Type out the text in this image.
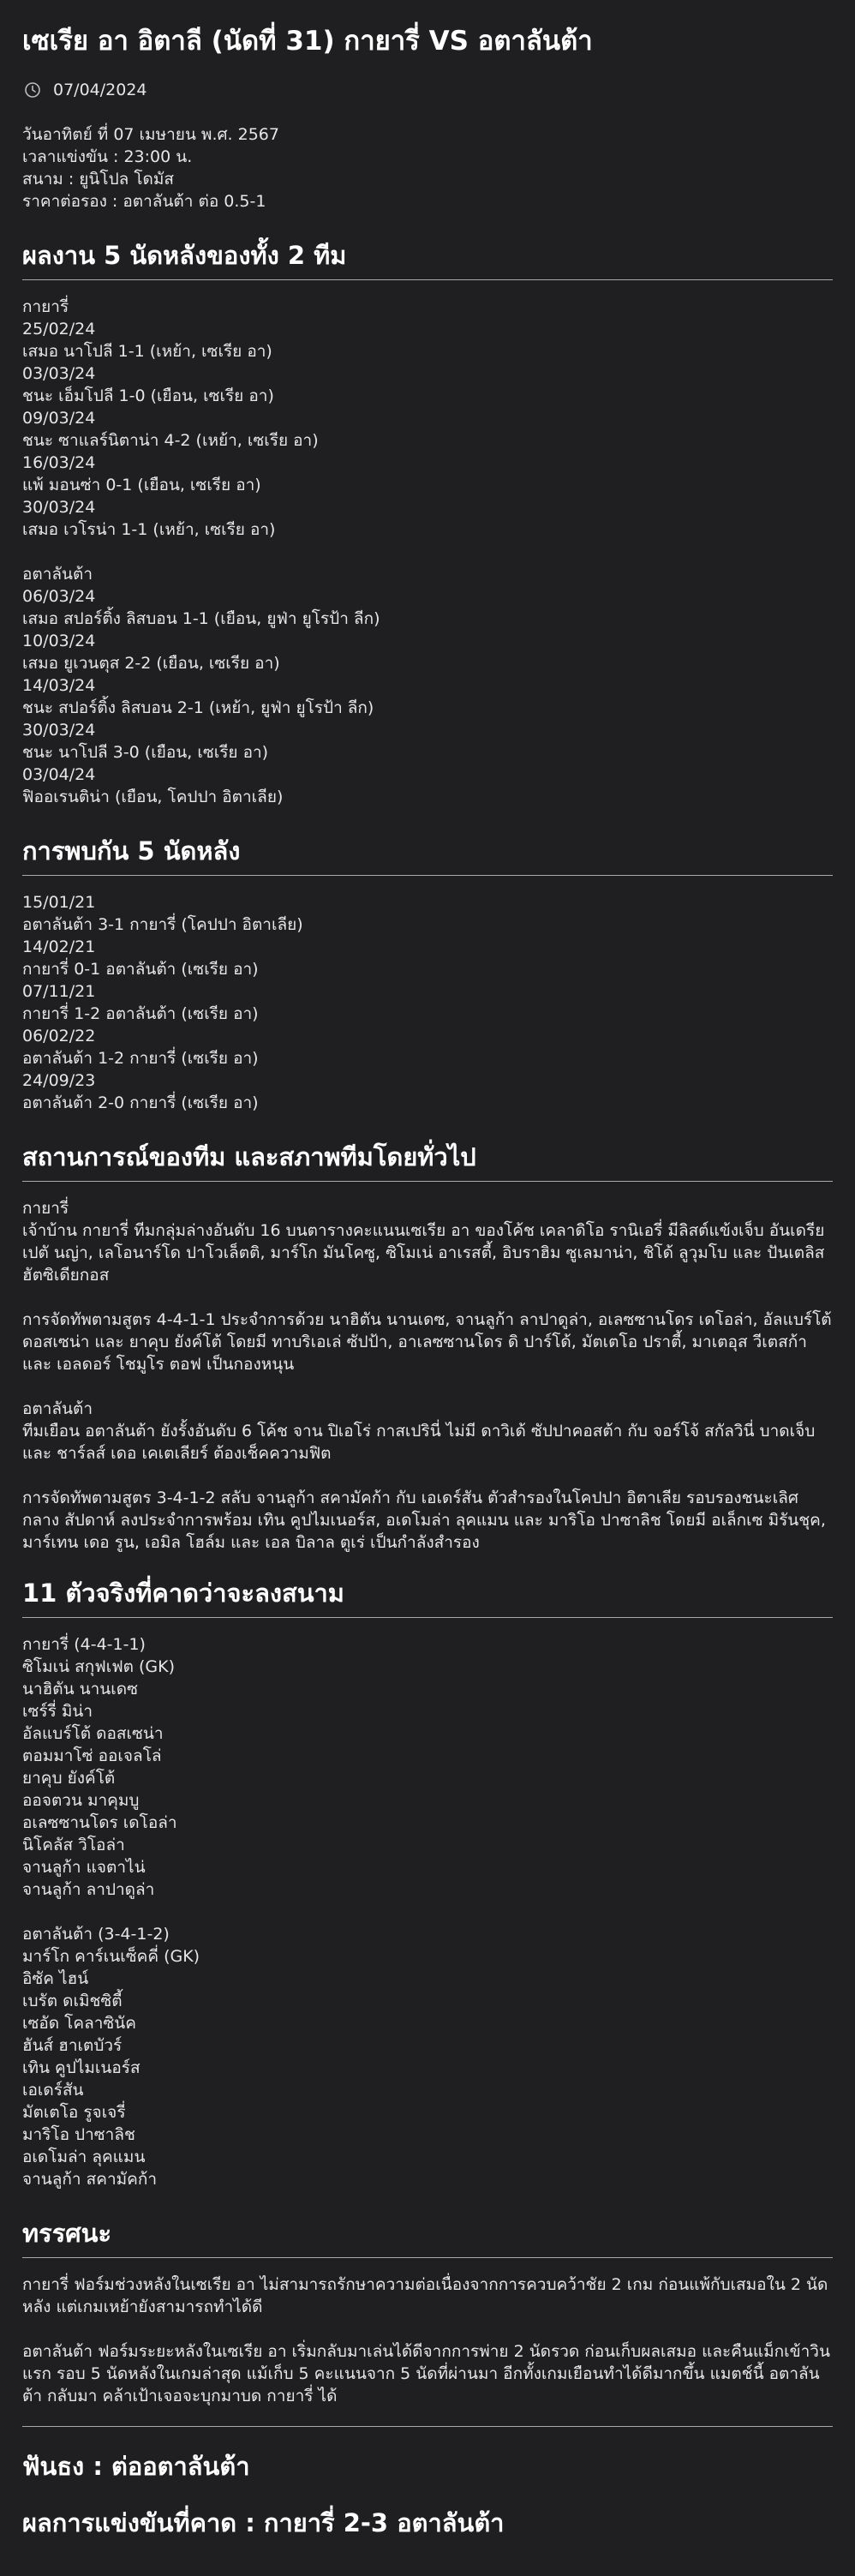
เซเรีย อา อิตาลี (นัดที่ 31) กายารี่ VS อตาลันต้า
07/04/2024
วันอาทิตย์ ที่ 07 เมษายน พ.ศ. 2567
เวลาแข่งขัน : 23:00 น.
สนาม : ยูนิโปล โดมัส
ราคาต่อรอง : อตาลันต้า ต่อ 0.5-1
ผลงาน 5 นัดหลังของทั้ง 2 ทีม
กายารี่
25/02/24
เสมอ นาโปลี 1-1 (เหย้า, เซเรีย อา)
03/03/24
ชนะ เอ็มโปลี 1-0 (เยือน, เซเรีย อา)
09/03/24
ชนะ ซาแลร์นิตาน่า 4-2 (เหย้า, เซเรีย อา)
16/03/24
แพ้ มอนซ่า 0-1 (เยือน, เซเรีย อา)
30/03/24
เสมอ เวโรน่า 1-1 (เหย้า, เซเรีย อา)
อตาลันต้า
06/03/24
เสมอ สปอร์ติ้ง ลิสบอน 1-1 (เยือน, ยูฟ่า ยูโรป้า ลีก)
10/03/24
เสมอ ยูเวนตุส 2-2 (เยือน, เซเรีย อา)
14/03/24
ชนะ สปอร์ติ้ง ลิสบอน 2-1 (เหย้า, ยูฟ่า ยูโรป้า ลีก)
30/03/24
ชนะ นาโปลี 3-0 (เยือน, เซเรีย อา)
03/04/24
ฟิออเรนติน่า (เยือน, โคปปา อิตาเลีย)
การพบกัน 5 นัดหลัง
15/01/21
อตาลันต้า 3-1 กายารี่ (โคปปา อิตาเลีย)
14/02/21
กายารี่ 0-1 อตาลันต้า (เซเรีย อา)
07/11/21
กายารี่ 1-2 อตาลันต้า (เซเรีย อา)
06/02/22
อตาลันต้า 1-2 กายารี่ (เซเรีย อา)
24/09/23
อตาลันต้า 2-0 กายารี่ (เซเรีย อา)
สถานการณ์ของทีม และสภาพทีมโดยทั่วไป
กายารี่

เจ้าบ้าน กายารี่ ทีมกลุ่มล่างอันดับ 16 บนตารางคะแนนเซเรีย อา ของโค้ช เคลาดิโอ รานิเอรี่ มีลิสต์แข้งเจ็บ อันเดรีย เปตั นญ่า, เลโอนาร์โด ปาโวเล็ตติ, มาร์โก มันโคซู, ซิโมเน่ อาเรสตี้, อิบราฮิม ซูเลมาน่า, ชิโด้ ลูวุมโบ และ ปันเตลิส ฮัตซิเดียกอส

การจัดทัพตามสูตร 4-4-1-1 ประจำการด้วย นาฮิตัน นานเดซ, จานลูก้า ลาปาดูล่า, อเลซซานโดร เดโอล่า, อัลแบร์โต้ ดอสเซน่า และ ยาคุบ ยังค์โต้ โดยมี ทาบริเอเล่ ซัปป้า, อาเลซซานโดร ดิ ปาร์โด้, มัตเตโอ ปราตี้, มาเตอุส วีเตสก้า และ เอลดอร์ โชมูโร ตอฟ เป็นกองหนุน

อตาลันต้า

ทีมเยือน อตาลันต้า ยังรั้งอันดับ 6 โค้ช จาน ปิเอโร่ กาสเปรินี่ ไม่มี ดาวิเด้ ซัปปาคอสต้า กับ จอร์โจ้ สกัลวินี่ บาดเจ็บ และ ชาร์ลส์ เดอ เคเตเลียร์ ต้องเช็คความฟิต

การจัดทัพตามสูตร 3-4-1-2 สลับ จานลูก้า สคามัคก้า กับ เอเดร์สัน ตัวสำรองในโคปปา อิตาเลีย รอบรองชนะเลิศกลาง สัปดาห์ ลงประจำการพร้อม เทิน คูปไมเนอร์ส, อเดโมล่า ลุคแมน และ มาริโอ ปาซาลิช โดยมี อเล็กเซ มิรันชุค, มาร์เทน เดอ รูน, เอมิล โฮล์ม และ เอล บิลาล ตูเร่ เป็นกำลังสำรอง

11 ตัวจริงที่คาดว่าจะลงสนาม
กายารี่ (4-4-1-1)
ซิโมเน่ สกุฟเฟต (GK)
นาฮิตัน นานเดซ
เซร์รี่ มิน่า
อัลแบร์โต้ ดอสเซน่า
ตอมมาโซ่ ออเจลโล่
ยาคุบ ยังค์โต้
ออจตวน มาคุมบู
อเลซซานโดร เดโอล่า
นิโคลัส วิโอล่า
จานลูก้า แจตาไน่
จานลูก้า ลาปาดูล่า
อตาลันต้า (3-4-1-2)
มาร์โก คาร์เนเซ็คคี่ (GK)
อิซัค ไฮน์
เบรัต ดเมิชซิตี้
เซอัด โคลาซินัค
ฮันส์ ฮาเตบัวร์
เทิน คูปไมเนอร์ส
เอเดร์สัน
มัตเตโอ รูจเจรี่
มาริโอ ปาซาลิช
อเดโมล่า ลุคแมน
จานลูก้า สคามัคก้า
ทรรศนะ

กายารี่ ฟอร์มช่วงหลังในเซเรีย อา ไม่สามารถรักษาความต่อเนื่องจากการควบคว้าชัย 2 เกม ก่อนแพ้กับเสมอใน 2 นัดหลัง แต่เกมเหย้ายังสามารถทำได้ดี

อตาลันต้า ฟอร์มระยะหลังในเซเรีย อา เริ่มกลับมาเล่นได้ดีจากการพ่าย 2 นัดรวด ก่อนเก็บผลเสมอ และคืนแม็กเข้าวินแรก รอบ 5 นัดหลังในเกมล่าสุด แม้เก็บ 5 คะแนนจาก 5 นัดที่ผ่านมา อีกทั้งเกมเยือนทำได้ดีมากขึ้น แมตช์นี้ อตาลันต้า กลับมา คล้าเป้าเจอจะบุกมาบด กายารี่ ได้

ฟันธง : ต่ออตาลันต้า
ผลการแข่งขันที่คาด : กายารี่ 2-3 อตาลันต้า
